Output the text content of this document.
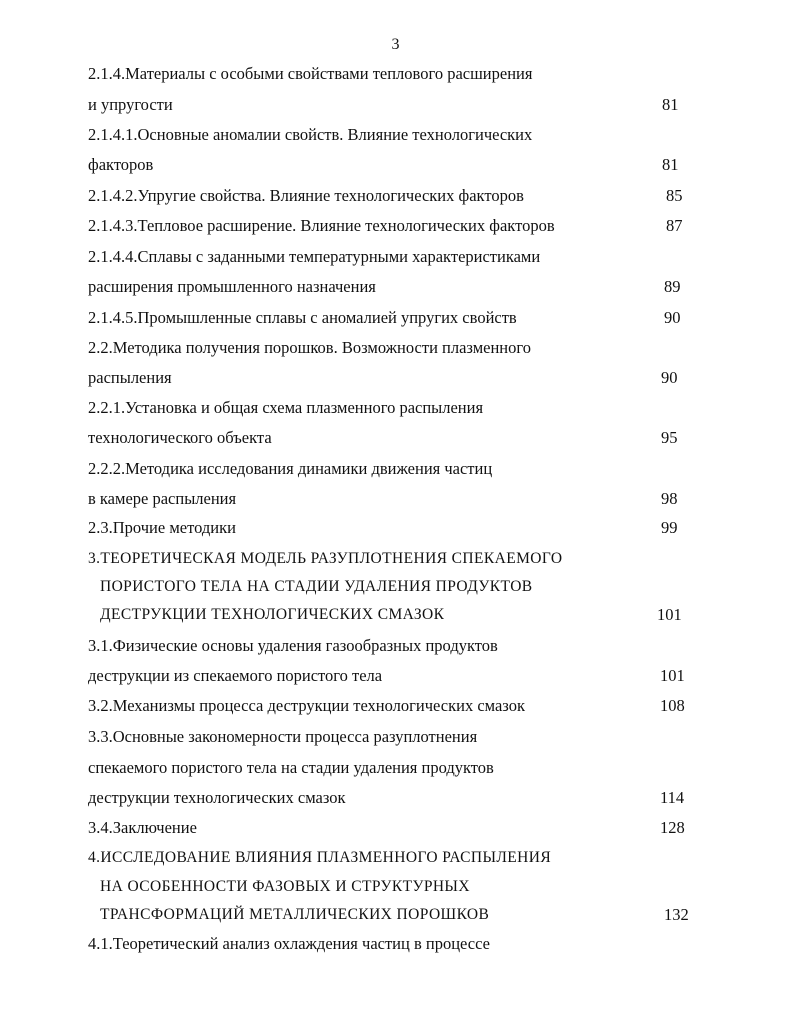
3
2.1.4.Материалы с особыми свойствами теплового расширения
и упругости	81
2.1.4.1.Основные аномалии свойств. Влияние технологических
факторов	81
2.1.4.2.Упругие свойства. Влияние технологических факторов	85
2.1.4.3.Тепловое расширение. Влияние технологических факторов	87
2.1.4.4.Сплавы с заданными температурными характеристиками
расширения промышленного назначения	89
2.1.4.5.Промышленные сплавы с аномалией упругих свойств	90
2.2.Методика получения порошков. Возможности плазменного
распыления	90
2.2.1.Установка и общая схема плазменного распыления
технологического объекта	95
2.2.2.Методика исследования динамики движения частиц
в камере распыления	98
2.3.Прочие методики	99
3.ТЕОРЕТИЧЕСКАЯ МОДЕЛЬ РАЗУПЛОТНЕНИЯ СПЕКАЕМОГО
ПОРИСТОГО ТЕЛА НА СТАДИИ УДАЛЕНИЯ ПРОДУКТОВ
ДЕСТРУКЦИИ ТЕХНОЛОГИЧЕСКИХ СМАЗОК	101
3.1.Физические основы удаления газообразных продуктов
деструкции из спекаемого пористого тела	101
3.2.Механизмы процесса деструкции технологических смазок	108
3.3.Основные закономерности процесса разуплотнения
спекаемого пористого тела на стадии удаления продуктов
деструкции технологических смазок	114
3.4.Заключение	128
4.ИССЛЕДОВАНИЕ ВЛИЯНИЯ ПЛАЗМЕННОГО РАСПЫЛЕНИЯ
НА ОСОБЕННОСТИ ФАЗОВЫХ И СТРУКТУРНЫХ
ТРАНСФОРМАЦИЙ МЕТАЛЛИЧЕСКИХ ПОРОШКОВ	132
4.1.Теоретический анализ охлаждения частиц в процессе
